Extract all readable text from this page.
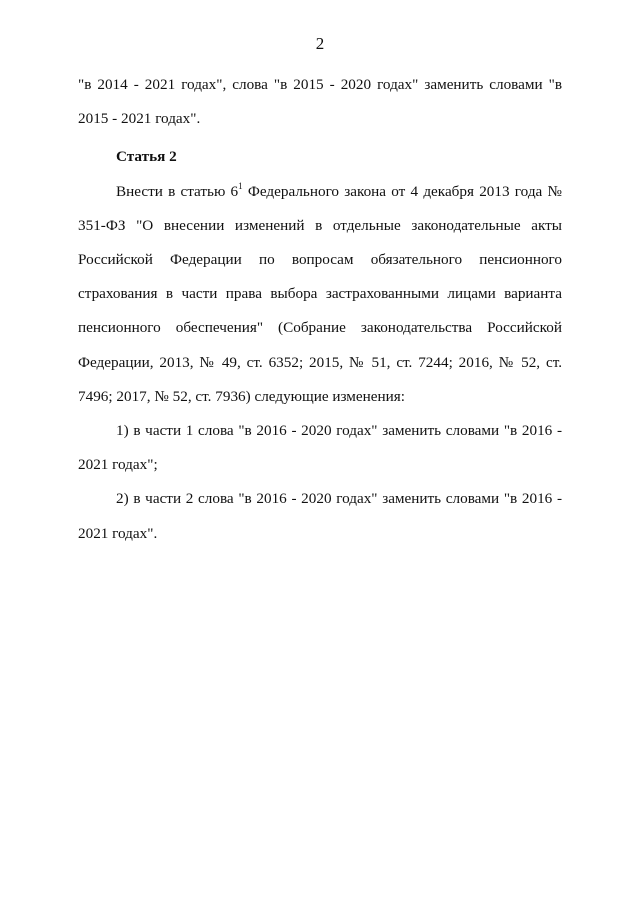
2

"в 2014 - 2021 годах", слова "в 2015 - 2020 годах" заменить словами "в 2015 - 2021 годах".

Статья 2

Внести в статью $6^1$ Федерального закона от 4 декабря 2013 года № 351-ФЗ "О внесении изменений в отдельные законодательные акты Российской Федерации по вопросам обязательного пенсионного страхования в части права выбора застрахованными лицами варианта пенсионного обеспечения" (Собрание законодательства Российской Федерации, 2013, № 49, ст. 6352; 2015, № 51, ст. 7244; 2016, № 52, ст. 7496; 2017, № 52, ст. 7936) следующие изменения:

1) в части 1 слова "в 2016 - 2020 годах" заменить словами "в 2016 - 2021 годах";

2) в части 2 слова "в 2016 - 2020 годах" заменить словами "в 2016 - 2021 годах".
